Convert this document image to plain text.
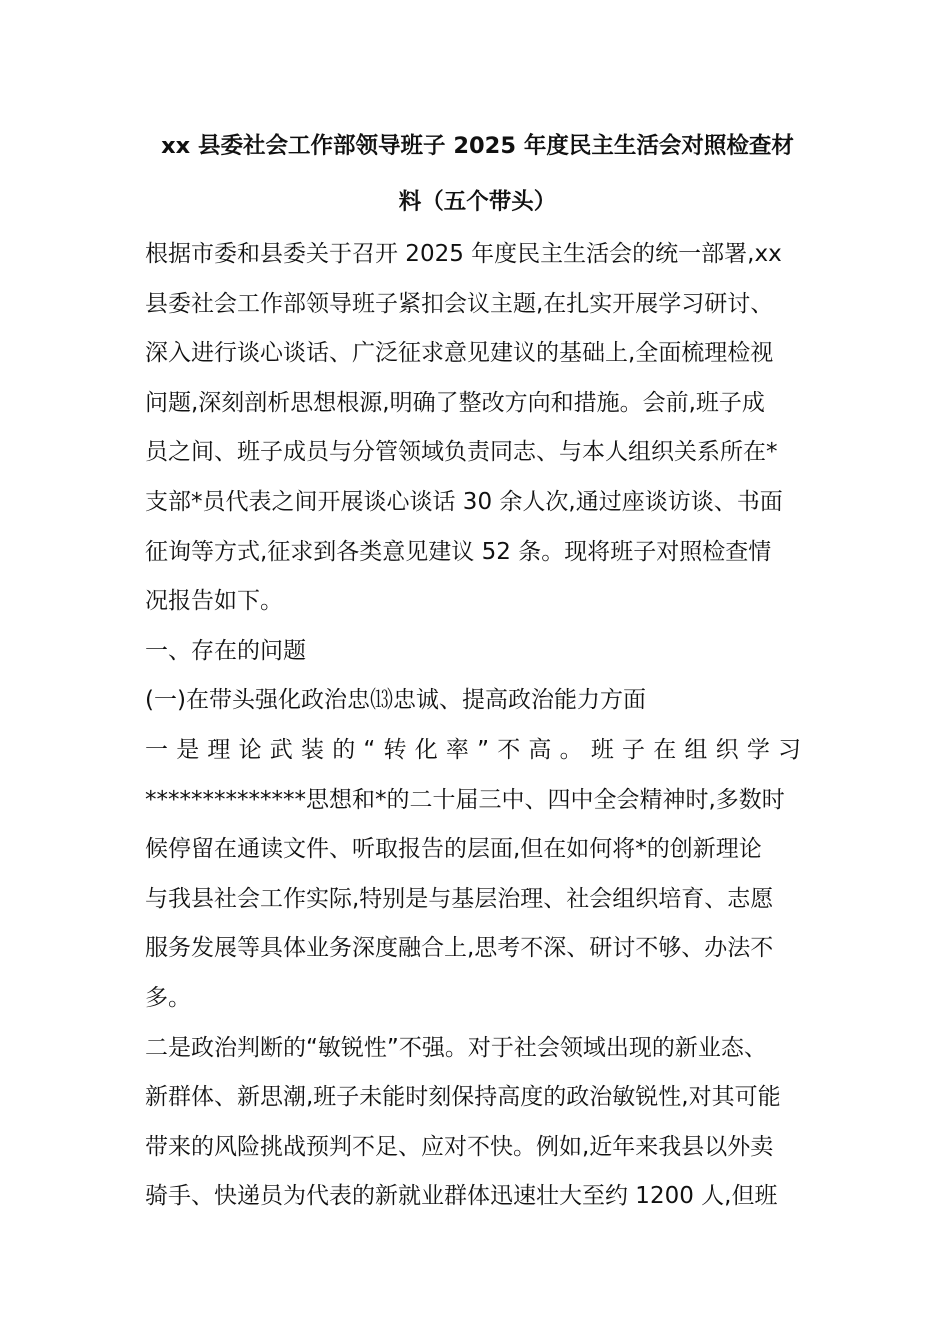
xx 县委社会工作部领导班子 2025 年度民主生活会对照检查材
料（五个带头）

根据市委和县委关于召开 2025 年度民主生活会的统一部署,xx
县委社会工作部领导班子紧扣会议主题,在扎实开展学习研讨、
深入进行谈心谈话、广泛征求意见建议的基础上,全面梳理检视
问题,深刻剖析思想根源,明确了整改方向和措施。会前,班子成
员之间、班子成员与分管领域负责同志、与本人组织关系所在*
支部*员代表之间开展谈心谈话 30 余人次,通过座谈访谈、书面
征询等方式,征求到各类意见建议 52 条。现将班子对照检查情
况报告如下。

一、存在的问题

(一)在带头强化政治忠⒀忠诚、提高政治能力方面

一是理论武装的“转化率”不高。班子在组织学习
**************思想和*的二十届三中、四中全会精神时,多数时
候停留在通读文件、听取报告的层面,但在如何将*的创新理论
与我县社会工作实际,特别是与基层治理、社会组织培育、志愿
服务发展等具体业务深度融合上,思考不深、研讨不够、办法不
多。

二是政治判断的“敏锐性”不强。对于社会领域出现的新业态、
新群体、新思潮,班子未能时刻保持高度的政治敏锐性,对其可能
带来的风险挑战预判不足、应对不快。例如,近年来我县以外卖
骑手、快递员为代表的新就业群体迅速壮大至约 1200 人,但班
